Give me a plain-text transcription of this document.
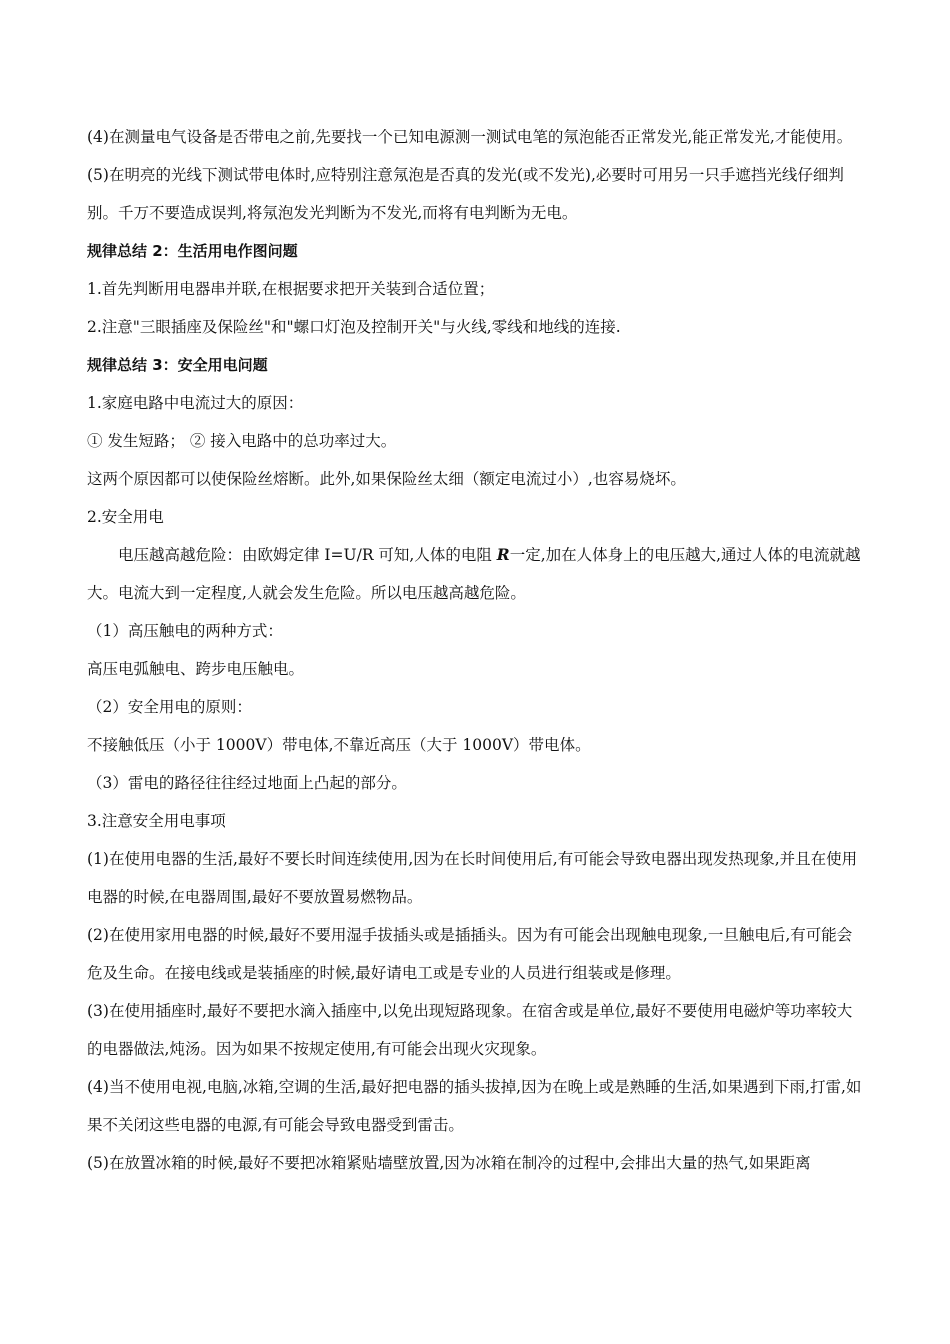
(4)在测量电气设备是否带电之前,先要找一个已知电源测一测试电笔的氖泡能否正常发光,能正常发光,才能使用。

(5)在明亮的光线下测试带电体时,应特别注意氖泡是否真的发光(或不发光),必要时可用另一只手遮挡光线仔细判别。千万不要造成误判,将氖泡发光判断为不发光,而将有电判断为无电。

规律总结 2：生活用电作图问题

1.首先判断用电器串并联,在根据要求把开关装到合适位置；

2.注意"三眼插座及保险丝"和"螺口灯泡及控制开关"与火线,零线和地线的连接.

规律总结 3：安全用电问题

1.家庭电路中电流过大的原因：

① 发生短路； ② 接入电路中的总功率过大。

这两个原因都可以使保险丝熔断。此外,如果保险丝太细（额定电流过小）,也容易烧坏。

2.安全用电

电压越高越危险：由欧姆定律 I=U/R 可知,人体的电阻 R一定,加在人体身上的电压越大,通过人体的电流就越大。电流大到一定程度,人就会发生危险。所以电压越高越危险。

（1）高压触电的两种方式：

高压电弧触电、跨步电压触电。

（2）安全用电的原则：

不接触低压（小于 1000V）带电体,不靠近高压（大于 1000V）带电体。

（3）雷电的路径往往经过地面上凸起的部分。

3.注意安全用电事项

(1)在使用电器的生活,最好不要长时间连续使用,因为在长时间使用后,有可能会导致电器出现发热现象,并且在使用电器的时候,在电器周围,最好不要放置易燃物品。

(2)在使用家用电器的时候,最好不要用湿手拔插头或是插插头。因为有可能会出现触电现象,一旦触电后,有可能会危及生命。在接电线或是装插座的时候,最好请电工或是专业的人员进行组装或是修理。

(3)在使用插座时,最好不要把水滴入插座中,以免出现短路现象。在宿舍或是单位,最好不要使用电磁炉等功率较大的电器做法,炖汤。因为如果不按规定使用,有可能会出现火灾现象。

(4)当不使用电视,电脑,冰箱,空调的生活,最好把电器的插头拔掉,因为在晚上或是熟睡的生活,如果遇到下雨,打雷,如果不关闭这些电器的电源,有可能会导致电器受到雷击。

(5)在放置冰箱的时候,最好不要把冰箱紧贴墙壁放置,因为冰箱在制冷的过程中,会排出大量的热气,如果距离
